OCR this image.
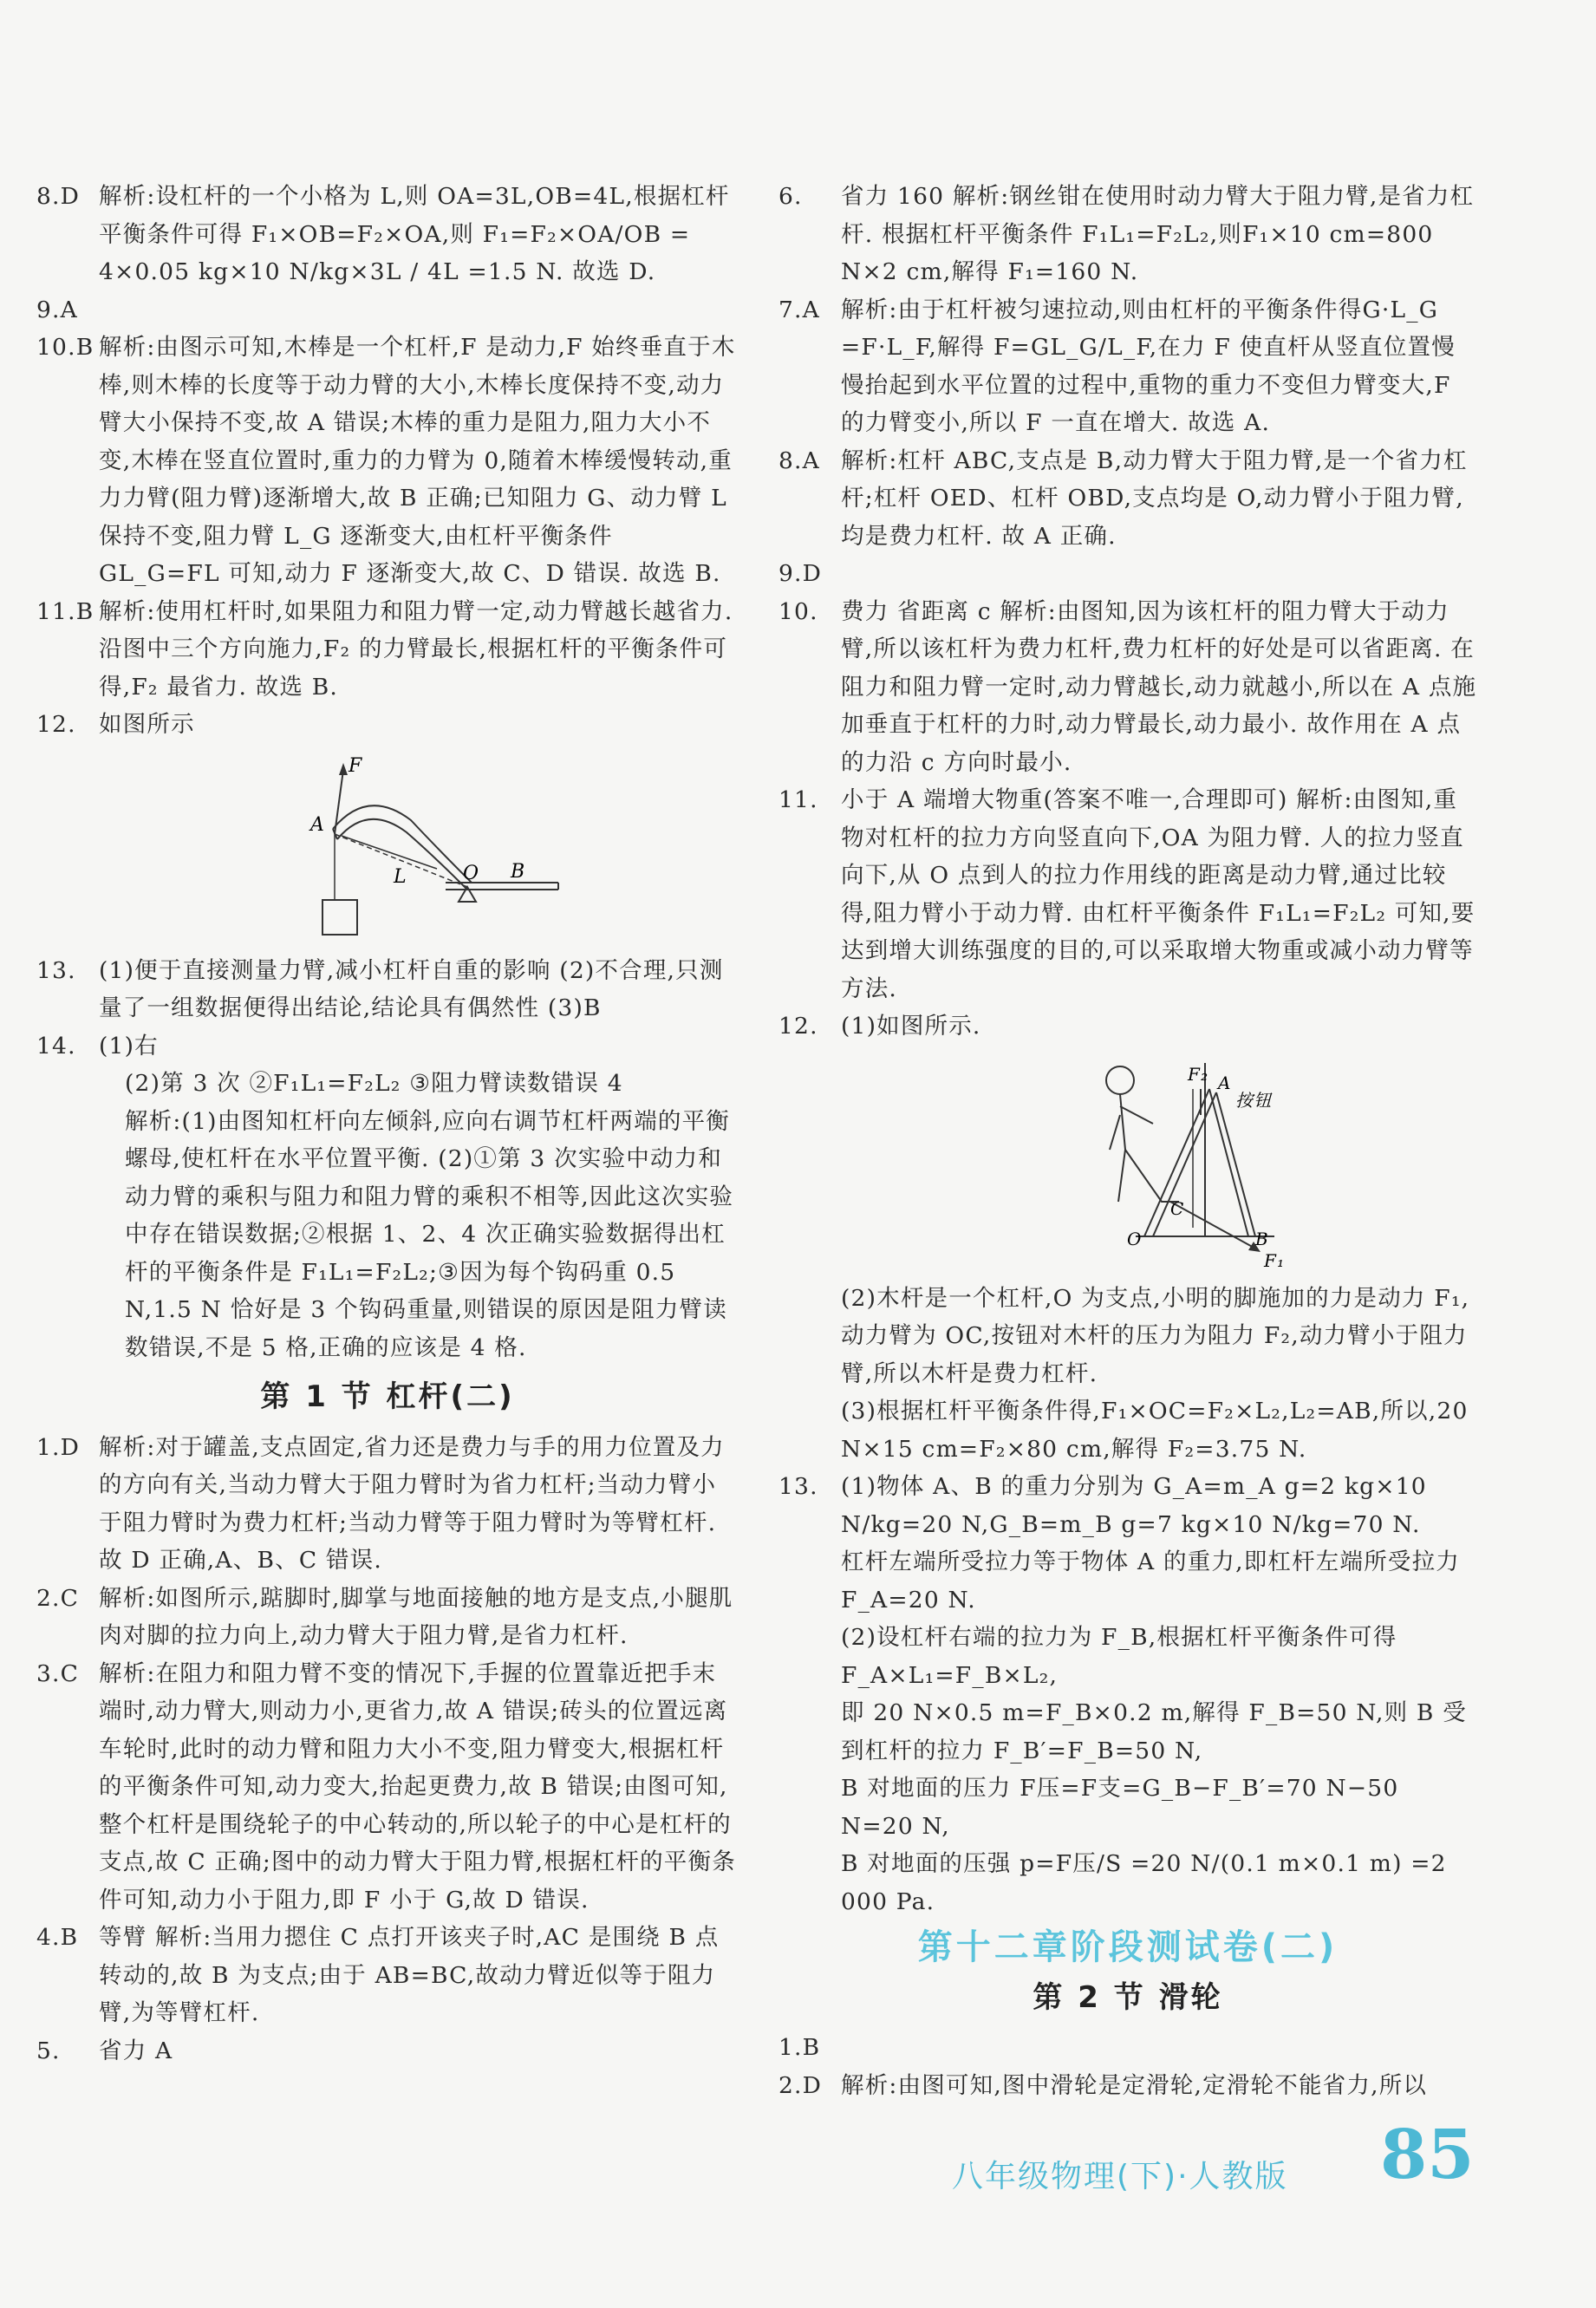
8.D 解析:设杠杆的一个小格为 L,则 OA=3L,OB=4L,根据杠杆平衡条件可得 F₁×OB=F₂×OA,则 F₁=F₂×OA/OB =
4×0.05 kg×10 N/kg×3L / 4L =1.5 N. 故选 D.
9.A

10.B 解析:由图示可知,木棒是一个杠杆,F 是动力,F 始终垂直于木棒,则木棒的长度等于动力臂的大小,木棒长度保持不变,动力臂大小保持不变,故 A 错误;木棒的重力是阻力,阻力大小不变,木棒在竖直位置时,重力的力臂为 0,随着木棒缓慢转动,重力力臂(阻力臂)逐渐增大,故 B 正确;已知阻力 G、动力臂 L 保持不变,阻力臂 L_G 逐渐变大,由杠杆平衡条件 GL_G=FL 可知,动力 F 逐渐变大,故 C、D 错误. 故选 B.
11.B 解析:使用杠杆时,如果阻力和阻力臂一定,动力臂越长越省力. 沿图中三个方向施力,F₂ 的力臂最长,根据杠杆的平衡条件可得,F₂ 最省力. 故选 B.
12. 如图所示
F
A
O B
L
13. (1)便于直接测量力臂,减小杠杆自重的影响 (2)不合理,只测量了一组数据便得出结论,结论具有偶然性 (3)B
14. (1)右
(2)第 3 次 ②F₁L₁=F₂L₂ ③阻力臂读数错误 4
解析:(1)由图知杠杆向左倾斜,应向右调节杠杆两端的平衡螺母,使杠杆在水平位置平衡. (2)①第 3 次实验中动力和动力臂的乘积与阻力和阻力臂的乘积不相等,因此这次实验中存在错误数据;②根据 1、2、4 次正确实验数据得出杠杆的平衡条件是 F₁L₁=F₂L₂;③因为每个钩码重 0.5 N,1.5 N 恰好是 3 个钩码重量,则错误的原因是阻力臂读数错误,不是 5 格,正确的应该是 4 格.
第 1 节 杠杆(二)
1.D 解析:对于罐盖,支点固定,省力还是费力与手的用力位置及力的方向有关,当动力臂大于阻力臂时为省力杠杆;当动力臂小于阻力臂时为费力杠杆;当动力臂等于阻力臂时为等臂杠杆. 故 D 正确,A、B、C 错误.
2.C 解析:如图所示,踮脚时,脚掌与地面接触的地方是支点,小腿肌肉对脚的拉力向上,动力臂大于阻力臂,是省力杠杆.
3.C 解析:在阻力和阻力臂不变的情况下,手握的位置靠近把手末端时,动力臂大,则动力小,更省力,故 A 错误;砖头的位置远离车轮时,此时的动力臂和阻力大小不变,阻力臂变大,根据杠杆的平衡条件可知,动力变大,抬起更费力,故 B 错误;由图可知,整个杠杆是围绕轮子的中心转动的,所以轮子的中心是杠杆的支点,故 C 正确;图中的动力臂大于阻力臂,根据杠杆的平衡条件可知,动力小于阻力,即 F 小于 G,故 D 错误.
4.B 等臂 解析:当用力摁住 C 点打开该夹子时,AC 是围绕 B 点转动的,故 B 为支点;由于 AB=BC,故动力臂近似等于阻力臂,为等臂杠杆.
5.	省力 A
6.	省力 160 解析:钢丝钳在使用时动力臂大于阻力臂,是省力杠杆. 根据杠杆平衡条件 F₁L₁=F₂L₂,则F₁×10 cm=800 N×2 cm,解得 F₁=160 N.
7.A 解析:由于杠杆被匀速拉动,则由杠杆的平衡条件得G·L_G =F·L_F,解得 F=GL_G/L_F,在力 F 使直杆从竖直位置慢慢抬起到水平位置的过程中,重物的重力不变但力臂变大,F 的力臂变小,所以 F 一直在增大. 故选 A.
8.A 解析:杠杆 ABC,支点是 B,动力臂大于阻力臂,是一个省力杠杆;杠杆 OED、杠杆 OBD,支点均是 O,动力臂小于阻力臂,均是费力杠杆. 故 A 正确.
9.D

10. 费力 省距离 c 解析:由图知,因为该杠杆的阻力臂大于动力臂,所以该杠杆为费力杠杆,费力杠杆的好处是可以省距离. 在阻力和阻力臂一定时,动力臂越长,动力就越小,所以在 A 点施加垂直于杠杆的力时,动力臂最长,动力最小. 故作用在 A 点的力沿 c 方向时最小.
11. 小于 A 端增大物重(答案不唯一,合理即可) 解析:由图知,重物对杠杆的拉力方向竖直向下,OA 为阻力臂. 人的拉力竖直向下,从 O 点到人的拉力作用线的距离是动力臂,通过比较得,阻力臂小于动力臂. 由杠杆平衡条件 F₁L₁=F₂L₂ 可知,要达到增大训练强度的目的,可以采取增大物重或减小动力臂等方法.
12. (1)如图所示.
F₂ A
按钮
C
O	B
F₁
(2)木杆是一个杠杆,O 为支点,小明的脚施加的力是动力 F₁,动力臂为 OC,按钮对木杆的压力为阻力 F₂,动力臂小于阻力臂,所以木杆是费力杠杆.
(3)根据杠杆平衡条件得,F₁×OC=F₂×L₂,L₂=AB,所以,20 N×15 cm=F₂×80 cm,解得 F₂=3.75 N.
13. (1)物体 A、B 的重力分别为 G_A=m_A g=2 kg×10 N/kg=20 N,G_B=m_B g=7 kg×10 N/kg=70 N.
杠杆左端所受拉力等于物体 A 的重力,即杠杆左端所受拉力 F_A=20 N.
(2)设杠杆右端的拉力为 F_B,根据杠杆平衡条件可得 F_A×L₁=F_B×L₂,
即 20 N×0.5 m=F_B×0.2 m,解得 F_B=50 N,则 B 受到杠杆的拉力 F_B′=F_B=50 N,
B 对地面的压力 F压=F支=G_B−F_B′=70 N−50 N=20 N,
B 对地面的压强 p=F压/S =20 N/(0.1 m×0.1 m) =2 000 Pa.
第十二章阶段测试卷(二)
第 2 节 滑轮
1.B

2.D 解析:由图可知,图中滑轮是定滑轮,定滑轮不能省力,所以
八年级物理(下)·人教版 85
